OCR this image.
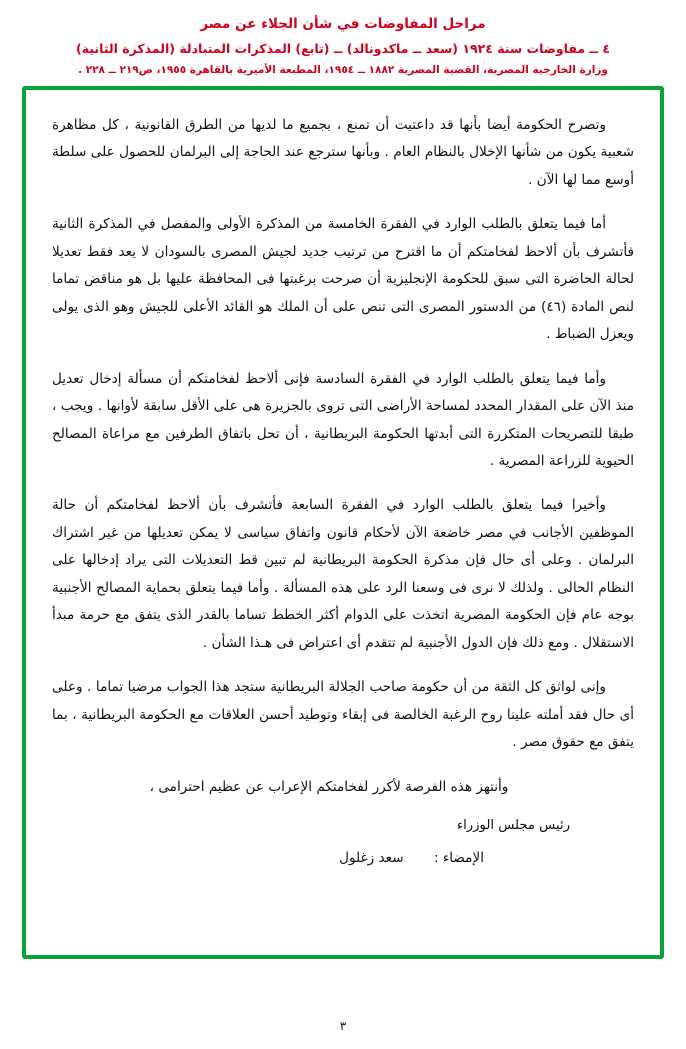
مراحل المفاوضات في شأن الجلاء عن مصر
٤ ــ مفاوضات سنة ١٩٢٤ (سعد ــ ماكدونالد) ــ (تابع) المذكرات المتبادلة (المذكرة الثانية)
وزارة الخارجية المصرية، القضية المصرية ١٨٨٢ ــ ١٩٥٤، المطبعة الأميرية بالقاهرة ١٩٥٥، ص٢١٩ ــ ٢٢٨ .

وتصرح الحكومة أيضا بأنها قد داعتيت أن تمنع ، بجميع ما لديها من الطرق القانونية ، كل مظاهرة شعبية يكون من شأنها الإخلال بالنظام العام . وبأنها سترجع عند الحاجة إلى البرلمان للحصول على سلطة أوسع مما لها الآن .

أما فيما يتعلق بالطلب الوارد في الفقرة الخامسة من المذكرة الأولى والمفصل في المذكرة الثانية فأتشرف بأن ألاحظ لفخامتكم أن ما اقترح من ترتيب جديد لجيش المصرى بالسودان لا يعد فقط تعديلا لحالة الحاضرة التى سبق للحكومة الإنجليزية أن صرحت برغبتها فى المحافظة عليها بل هو مناقض تماما لنص المادة (٤٦) من الدستور المصرى التى تنص على أن الملك هو القائد الأعلى للجيش وهو الذى يولى ويعزل الضباط .

وأما فيما يتعلق بالطلب الوارد في الفقرة السادسة فإنى ألاحظ لفخامتكم أن مسألة إدخال تعديل منذ الآن على المقدار المحدد لمساحة الأراضى التى تروى بالجزيرة هى على الأقل سابقة لأوانها . ويجب ، طبقا للتصريحات المتكررة التى أبدتها الحكومة البريطانية ، أن تحل باتفاق الطرفين مع مراعاة المصالح الحيوية للزراعة المصرية .

وأخيرا فيما يتعلق بالطلب الوارد في الفقرة السابعة فأتشرف بأن ألاحظ لفخامتكم أن حالة الموظفين الأجانب في مصر خاضعة الآن لأحكام قانون واتفاق سياسى لا يمكن تعديلها من غير اشتراك البرلمان . وعلى أى حال فإن مذكرة الحكومة البريطانية لم تبين قط التعديلات التى يراد إدخالها على النظام الحالى . ولذلك لا نرى فى وسعنا الرد على هذه المسألة . وأما فيما يتعلق بحماية المصالح الأجنبية بوجه عام فإن الحكومة المصرية اتخذت على الدوام أكثر الخطط تساما بالقدر الذى يتفق مع حرمة مبدأ الاستقلال . ومع ذلك فإن الدول الأجنبية لم تتقدم أى اعتراض فى هـذا الشأن .

وإنى لواثق كل الثقة من أن حكومة صاحب الجلالة البريطانية ستجد هذا الجواب مرضيا تماما . وعلى أى حال فقد أملته علينا روح الرغبة الخالصة فى إبقاء وتوطيد أحسن العلاقات مع الحكومة البريطانية ، بما يتفق مع حقوق مصر .

وأنتهز هذه الفرصة لأكرر لفخامتكم الإعراب عن عظيم احترامى ،

رئيس مجلس الوزراء

الإمضاء : سعد زغلول

٣
